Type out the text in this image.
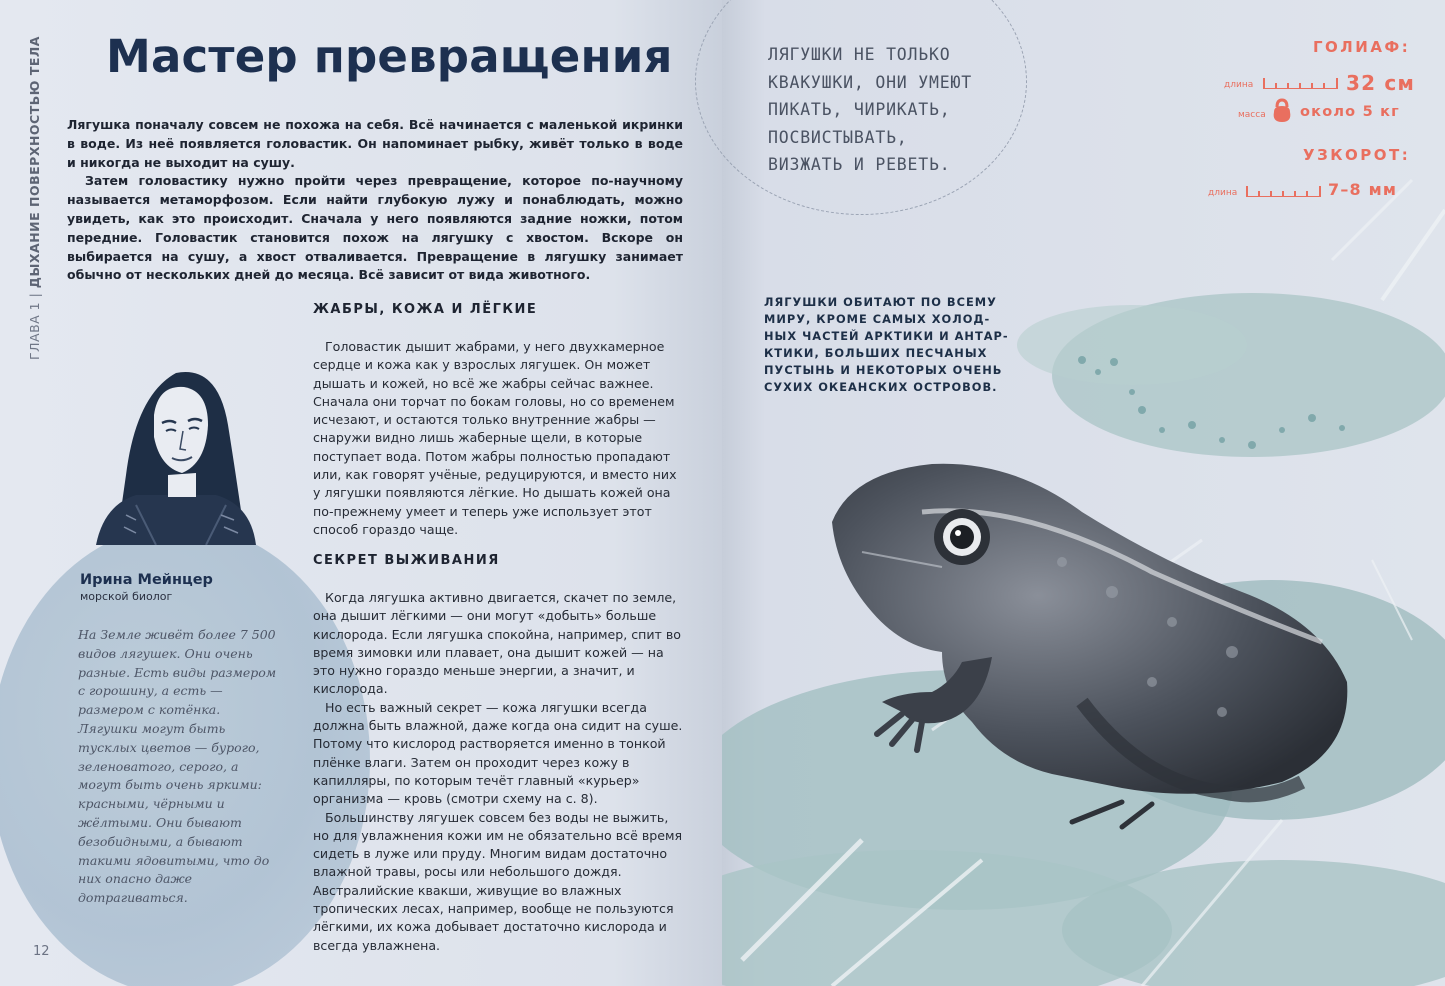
ГЛАВА 1 | ДЫХАНИЕ ПОВЕРХНОСТЬЮ ТЕЛА Мастер превращения

Лягушка поначалу совсем не похожа на себя. Всё начинается с маленькой икринки в воде. Из неё появляется головастик. Он напоминает рыбку, живёт только в воде и никогда не выходит на сушу.

Затем головастику нужно пройти через превращение, которое по-научному называется метаморфозом. Если найти глубокую лужу и понаблюдать, можно увидеть, как это происходит. Сначала у него появляются задние ножки, потом передние. Головастик становится похож на лягушку с хвостом. Вскоре он выбирается на сушу, а хвост отваливается. Превращение в лягушку занимает обычно от нескольких дней до месяца. Всё зависит от вида животного.

ЖАБРЫ, КОЖА И ЛЁГКИЕ

Головастик дышит жабрами, у него двухкамерное сердце и кожа как у взрослых лягушек. Он может дышать и кожей, но всё же жабры сейчас важнее. Сначала они торчат по бокам головы, но со временем исчезают, и остаются только внутренние жабры — снаружи видно лишь жаберные щели, в которые поступает вода. Потом жабры полностью пропадают или, как говорят учёные, редуцируются, и вместо них у лягушки появляются лёгкие. Но дышать кожей она по-прежнему умеет и теперь уже использует этот способ гораздо чаще.

СЕКРЕТ ВЫЖИВАНИЯ

Когда лягушка активно двигается, скачет по земле, она дышит лёгкими — они могут «добыть» больше кислорода. Если лягушка спокойна, например, спит во время зимовки или плавает, она дышит кожей — на это нужно гораздо меньше энергии, а значит, и кислорода.

Но есть важный секрет — кожа лягушки всегда должна быть влажной, даже когда она сидит на суше. Потому что кислород растворяется именно в тонкой плёнке влаги. Затем он проходит через кожу в капилляры, по которым течёт главный «курьер» организма — кровь (смотри схему на с. 8).

Большинству лягушек совсем без воды не выжить, но для увлажнения кожи им не обязательно всё время сидеть в луже или пруду. Многим видам достаточно влажной травы, росы или небольшого дождя. Австралийские квакши, живущие во влажных тропических лесах, например, вообще не пользуются лёгкими, их кожа добывает достаточно кислорода и всегда увлажнена.

Ирина Мейнцер
морской биолог

На Земле живёт более 7 500 видов лягушек. Они очень разные. Есть виды размером с горошину, а есть — размером с котёнка. Лягушки могут быть тусклых цветов — бурого, зеленоватого, серого, а могут быть очень яркими: красными, чёрными и жёлтыми. Они бывают безобидными, а бывают такими ядовитыми, что до них опасно даже дотрагиваться.

12
ЛЯГУШКИ НЕ ТОЛЬКО
КВАКУШКИ, ОНИ УМЕЮТ
ПИКАТЬ, ЧИРИКАТЬ,
ПОСВИСТЫВАТЬ,
ВИЗЖАТЬ И РЕВЕТЬ.
ЛЯГУШКИ ОБИТАЮТ ПО ВСЕМУ
МИРУ, КРОМЕ САМЫХ ХОЛОД-
НЫХ ЧАСТЕЙ АРКТИКИ И АНТАР-
КТИКИ, БОЛЬШИХ ПЕСЧАНЫХ
ПУСТЫНЬ И НЕКОТОРЫХ ОЧЕНЬ
СУХИХ ОКЕАНСКИХ ОСТРОВОВ.
ГОЛИАФ:
длина	32 см
масса около 5 кг
УЗКОРОТ:
длина	7–8 мм
